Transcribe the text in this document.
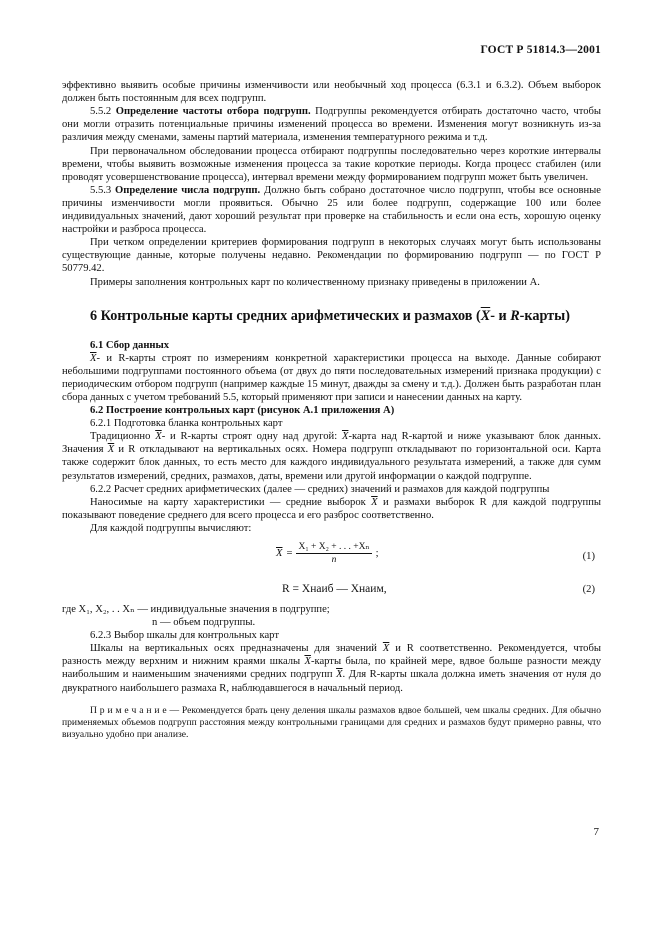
ГОСТ Р 51814.3—2001

эффективно выявить особые причины изменчивости или необычный ход процесса (6.3.1 и 6.3.2). Объем выборок должен быть постоянным для всех подгрупп.

5.5.2 Определение частоты отбора подгрупп. Подгруппы рекомендуется отбирать достаточно часто, чтобы они могли отразить потенциальные причины изменений процесса во времени. Изменения могут возникнуть из-за различия между сменами, замены партий материала, изменения температурного режима и т.д.

При первоначальном обследовании процесса отбирают подгруппы последовательно через короткие интервалы времени, чтобы выявить возможные изменения процесса за такие короткие периоды. Когда процесс стабилен (или проводят усовершенствование процесса), интервал времени между формированием подгрупп может быть увеличен.

5.5.3 Определение числа подгрупп. Должно быть собрано достаточное число подгрупп, чтобы все основные причины изменчивости могли проявиться. Обычно 25 или более подгрупп, содержащие 100 или более индивидуальных значений, дают хороший результат при проверке на стабильность и если она есть, хорошую оценку настройки и разброса процесса.

При четком определении критериев формирования подгрупп в некоторых случаях могут быть использованы существующие данные, которые получены недавно. Рекомендации по формированию подгрупп — по ГОСТ Р 50779.42.

Примеры заполнения контрольных карт по количественному признаку приведены в приложении А.

6 Контрольные карты средних арифметических и размахов ($\overline{X}-$ и R-карты)

6.1 Сбор данных

$\overline{X}-$ и R-карты строят по измерениям конкретной характеристики процесса на выходе. Данные собирают небольшими подгруппами постоянного объема (от двух до пяти последовательных измерений признака продукции) с периодическим отбором подгрупп (например каждые 15 минут, дважды за смену и т.д.). Должен быть разработан план сбора данных с учетом требований 5.5, который применяют при записи и нанесении данных на карту.

6.2 Построение контрольных карт (рисунок А.1 приложения А)

6.2.1 Подготовка бланка контрольных карт

Традиционно $\overline{X}-$ и R-карты строят одну над другой: $\overline{X}$-карта над R-картой и ниже указывают блок данных. Значения $\overline{X}$ и R откладывают на вертикальных осях. Номера подгрупп откладывают по горизонтальной оси. Карта также содержит блок данных, то есть место для каждого индивидуального результата измерений, а также для сумм результатов измерений, средних, размахов, даты, времени или другой информации о каждой подгруппе.

6.2.2 Расчет средних арифметических (далее — средних) значений и размахов для каждой подгруппы

Наносимые на карту характеристики — средние выборок $\overline{X}$ и размахи выборок R для каждой подгруппы показывают поведение среднего для всего процесса и его разброс соответственно.

Для каждой подгруппы вычисляют:

$\overline{X} = \frac{\text{X₁ + X₂ + . . . +Xₙ}}{n}$ ;	(1)
R = Xнаиб — Xнаим,	(2)

где X₁, X₂, . . Xₙ — индивидуальные значения в подгруппе;

n — объем подгруппы.

6.2.3 Выбор шкалы для контрольных карт

Шкалы на вертикальных осях предназначены для значений $\overline{X}$ и R соответственно. Рекомендуется, чтобы разность между верхним и нижним краями шкалы $\overline{X}$-карты была, по крайней мере, вдвое больше разности между наибольшим и наименьшим значениями средних подгрупп $\overline{X}$. Для R-карты шкала должна иметь значения от нуля до двукратного наибольшего размаха R, наблюдавшегося в начальный период.

П р и м е ч а н и е — Рекомендуется брать цену деления шкалы размахов вдвое большей, чем шкалы средних. Для обычно применяемых объемов подгрупп расстояния между контрольными границами для средних и размахов будут примерно равны, что визуально удобно при анализе.

7
